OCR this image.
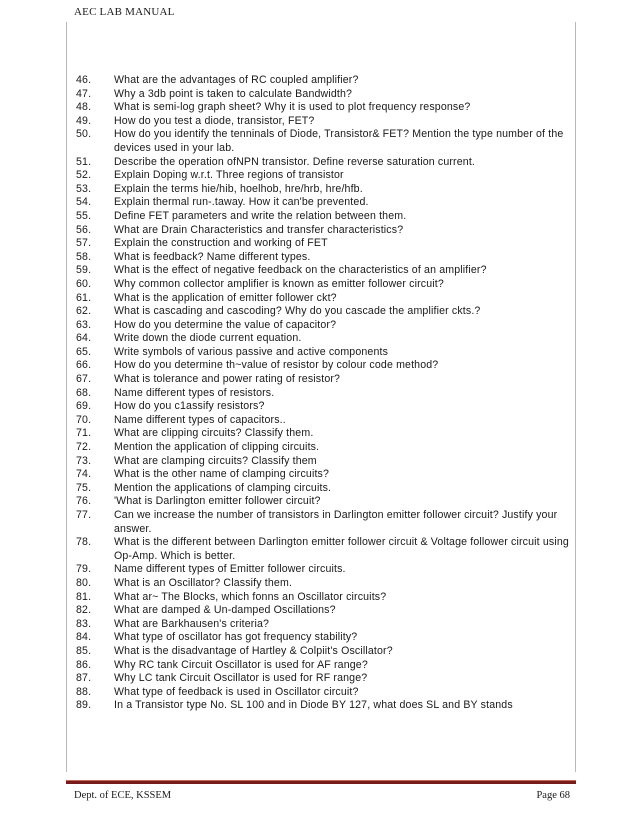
AEC LAB MANUAL
46.	What are the advantages of RC coupled amplifier?
47.	Why a 3db point is taken to calculate Bandwidth?
48.	What is semi-log graph sheet? Why it is used to plot frequency response?
49.	How do you test a diode, transistor, FET?
50.	How do you identify the tenninals of Diode, Transistor& FET? Mention the type number of the devices used in your lab.
51.	Describe the operation ofNPN transistor. Define reverse saturation current.
52.	Explain Doping w.r.t. Three regions of transistor
53.	Explain the terms hie/hib, hoelhob, hre/hrb, hre/hfb.
54.	Explain thermal run-.taway. How it can'be prevented.
55.	Define FET parameters and write the relation between them.
56.	What are Drain Characteristics and transfer characteristics?
57.	Explain the construction and working of FET
58.	What is feedback? Name different types.
59.	What is the effect of negative feedback on the characteristics of an amplifier?
60.	Why common collector amplifier is known as emitter follower circuit?
61.	What is the application of emitter follower ckt?
62.	What is cascading and cascoding? Why do you cascade the amplifier ckts.?
63.	How do you determine the value of capacitor?
64.	Write down the diode current equation.
65.	Write symbols of various passive and active components
66.	How do you determine th~value of resistor by colour code method?
67.	What is tolerance and power rating of resistor?
68.	Name different types of resistors.
69.	How do you c1assify resistors?
70.	Name different types of capacitors..
71.	What are clipping circuits? Classify them.
72.	Mention the application of clipping circuits.
73.	What are clamping circuits? Classify them
74.	What is the other name of clamping circuits?
75.	Mention the applications of clamping circuits.
76.	'What is Darlington emitter follower circuit?
77.	Can we increase the number of transistors in Darlington emitter follower circuit? Justify your answer.
78.	What is the different between Darlington emitter follower circuit & Voltage follower circuit using Op-Amp. Which is better.
79.	Name different types of Emitter follower circuits.
80.	What is an Oscillator? Classify them.
81.	What ar~ The Blocks, which fonns an Oscillator circuits?
82.	What are damped & Un-damped Oscillations?
83.	What are Barkhausen's criteria?
84.	What type of oscillator has got frequency stability?
85.	What is the disadvantage of Hartley & Colpiit's Oscillator?
86.	Why RC tank Circuit Oscillator is used for AF range?
87.	Why LC tank Circuit Oscillator is used for RF range?
88.	What type of feedback is used in Oscillator circuit?
89.	In a Transistor type No. SL 100 and in Diode BY 127, what does SL and BY stands
Dept. of ECE, KSSEM	Page 68
